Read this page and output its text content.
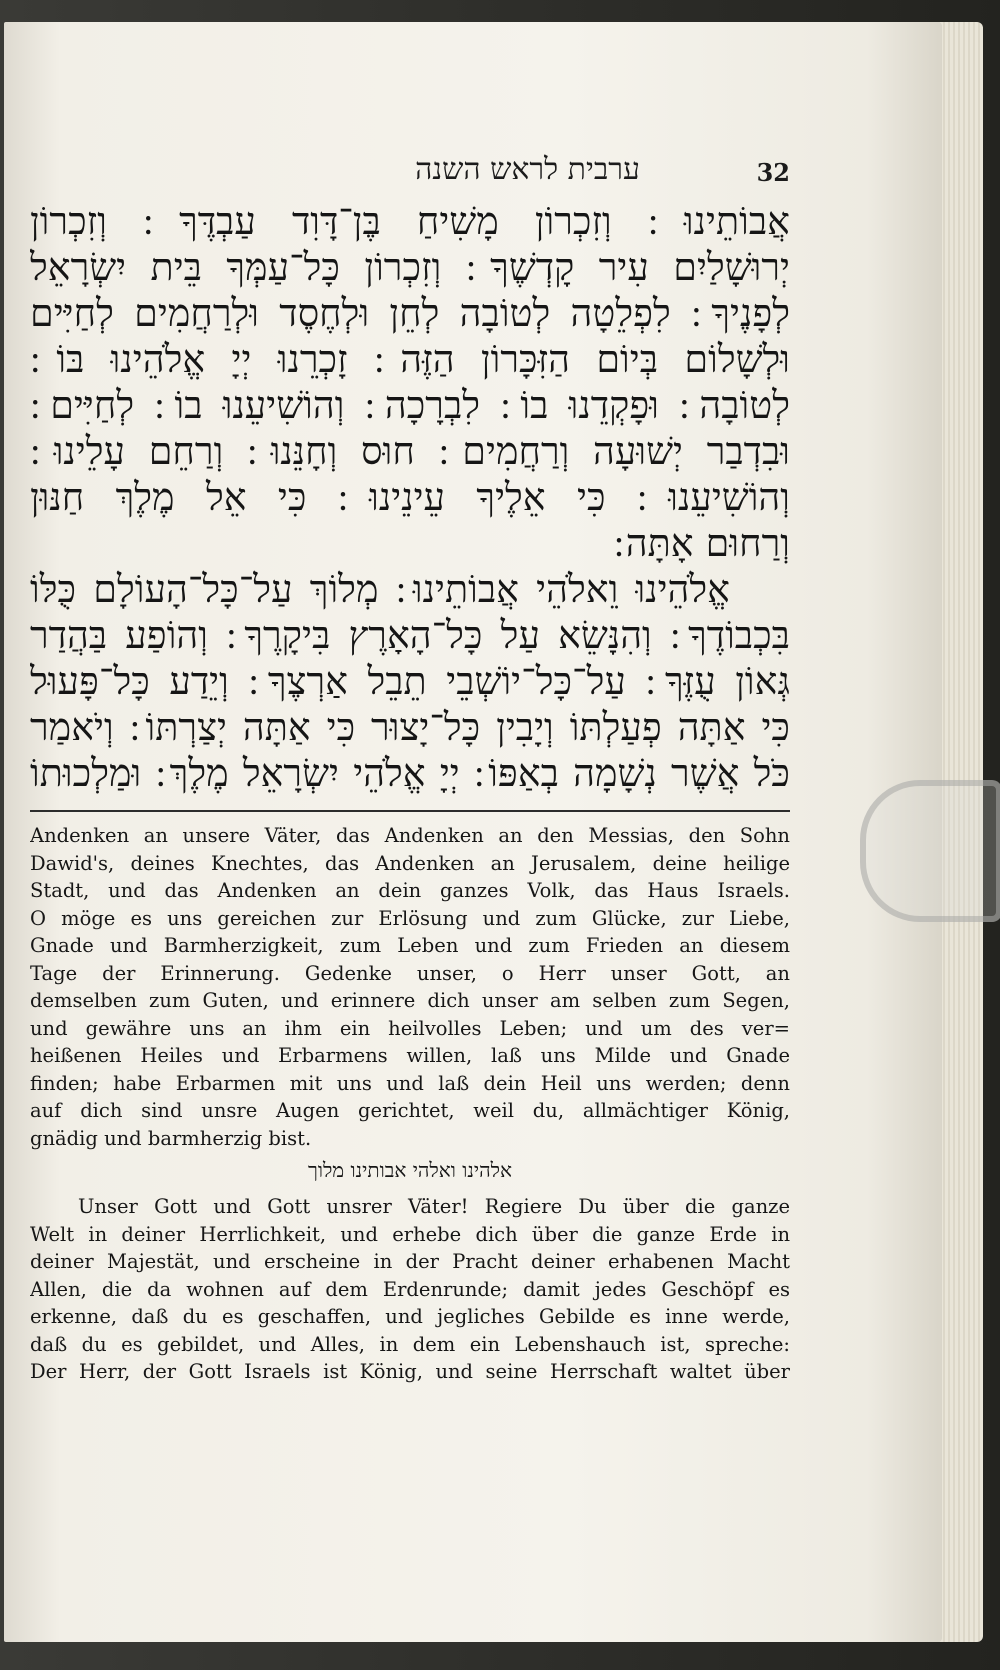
32
ערבית לראש השנה
אֲבוֹתֵינוּ ׃ וְזִכְרוֹן מָשִׁיחַ בֶּן־דָּוִד עַבְדֶּךָ ׃ וְזִכְרוֹן
יְרוּשָׁלַיִם עִיר קָדְשֶׁךָ ׃ וְזִכְרוֹן כָּל־עַמְּךָ בֵּית יִשְׂרָאֵל
לְפָנֶיךָ ׃ לִפְלֵטָה לְטוֹבָה לְחֵן וּלְחֶסֶד וּלְרַחֲמִים לְחַיִּים
וּלְשָׁלוֹם בְּיוֹם הַזִּכָּרוֹן הַזֶּה ׃ זָכְרֵנוּ יְיָ אֱלֹהֵינוּ בּוֹ ׃
לְטוֹבָה ׃ וּפָקְדֵנוּ בוֹ ׃ לִבְרָכָה ׃ וְהוֹשִׁיעֵנוּ בוֹ ׃ לְחַיִּים ׃
וּבִדְבַר יְשׁוּעָה וְרַחֲמִים ׃ חוּס וְחָנֵּנוּ ׃ וְרַחֵם עָלֵינוּ ׃
וְהוֹשִׁיעֵנוּ ׃ כִּי אֵלֶיךָ עֵינֵינוּ ׃ כִּי אֵל מֶלֶךְ חַנּוּן
וְרַחוּם אָתָּה ׃
אֱלֹהֵינוּ וֵאלֹהֵי אֲבוֹתֵינוּ ׃ מְלוֹךְ עַל־כָּל־הָעוֹלָם כֻּלּוֹ
בִּכְבוֹדֶךָ ׃ וְהִנָּשֵׂא עַל כָּל־הָאָרֶץ בִּיקָרֶךָ ׃ וְהוֹפַע בַּהֲדַר
גְּאוֹן עֻזֶּךָ ׃ עַל־כָּל־יוֹשְׁבֵי תֵבֵל אַרְצֶךָ ׃ וְיֵדַע כָּל־פָּעוּל
כִּי אַתָּה פְעַלְתּוֹ וְיָבִין כָּל־יָצוּר כִּי אַתָּה יְצַרְתּוֹ ׃ וְיֹאמַר
כֹּל אֲשֶׁר נְשָׁמָה בְאַפּוֹ ׃ יְיָ אֱלֹהֵי יִשְׂרָאֵל מֶלֶךְ ׃ וּמַלְכוּתוֹ
Andenken an unsere Väter, das Andenken an den Messias, den Sohn
Dawid's, deines Knechtes, das Andenken an Jerusalem, deine heilige
Stadt, und das Andenken an dein ganzes Volk, das Haus Israels.
O möge es uns gereichen zur Erlösung und zum Glücke, zur Liebe,
Gnade und Barmherzigkeit, zum Leben und zum Frieden an diesem
Tage der Erinnerung. Gedenke unser, o Herr unser Gott, an
demselben zum Guten, und erinnere dich unser am selben zum Segen,
und gewähre uns an ihm ein heilvolles Leben; und um des ver=
heißenen Heiles und Erbarmens willen, laß uns Milde und Gnade
finden; habe Erbarmen mit uns und laß dein Heil uns werden; denn
auf dich sind unsre Augen gerichtet, weil du, allmächtiger König,
gnädig und barmherzig bist.
אלהינו ואלהי אבותינו מלוך
Unser Gott und Gott unsrer Väter! Regiere Du über die ganze
Welt in deiner Herrlichkeit, und erhebe dich über die ganze Erde in
deiner Majestät, und erscheine in der Pracht deiner erhabenen Macht
Allen, die da wohnen auf dem Erdenrunde; damit jedes Geschöpf es
erkenne, daß du es geschaffen, und jegliches Gebilde es inne werde,
daß du es gebildet, und Alles, in dem ein Lebenshauch ist, spreche:
Der Herr, der Gott Israels ist König, und seine Herrschaft waltet über
